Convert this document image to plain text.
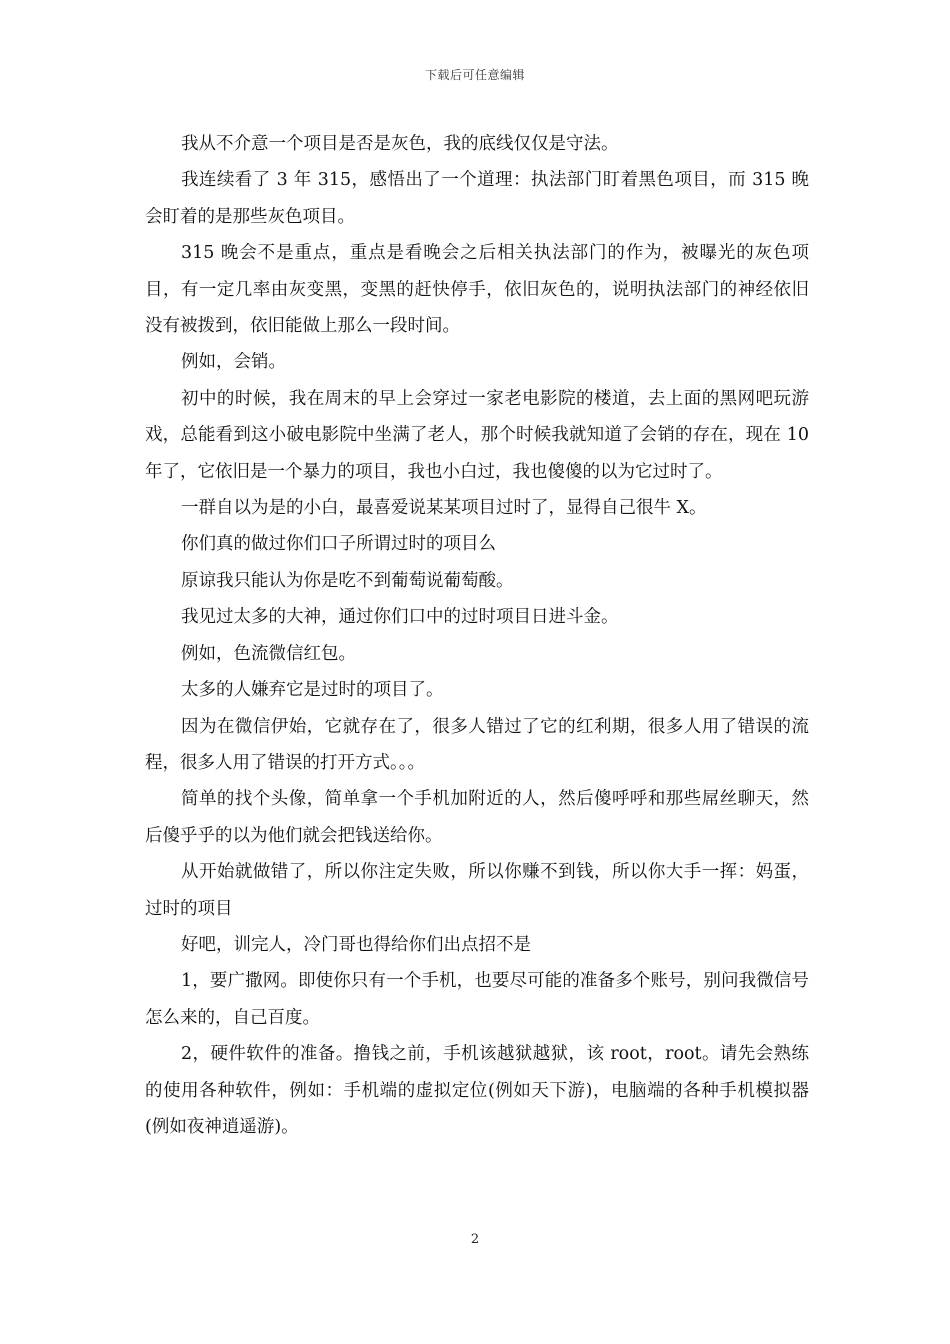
下载后可任意编辑

我从不介意一个项目是否是灰色，我的底线仅仅是守法。

我连续看了 3 年 315，感悟出了一个道理：执法部门盯着黑色项目，而 315 晚会盯着的是那些灰色项目。

315 晚会不是重点，重点是看晚会之后相关执法部门的作为，被曝光的灰色项目，有一定几率由灰变黑，变黑的赶快停手，依旧灰色的，说明执法部门的神经依旧没有被拨到，依旧能做上那么一段时间。

例如，会销。

初中的时候，我在周末的早上会穿过一家老电影院的楼道，去上面的黑网吧玩游戏，总能看到这小破电影院中坐满了老人，那个时候我就知道了会销的存在，现在 10 年了，它依旧是一个暴力的项目，我也小白过，我也傻傻的以为它过时了。

一群自以为是的小白，最喜爱说某某项目过时了，显得自己很牛 X。

你们真的做过你们口子所谓过时的项目么

原谅我只能认为你是吃不到葡萄说葡萄酸。

我见过太多的大神，通过你们口中的过时项目日进斗金。

例如，色流微信红包。

太多的人嫌弃它是过时的项目了。

因为在微信伊始，它就存在了，很多人错过了它的红利期，很多人用了错误的流程，很多人用了错误的打开方式。。。

简单的找个头像，简单拿一个手机加附近的人，然后傻呼呼和那些屌丝聊天，然后傻乎乎的以为他们就会把钱送给你。

从开始就做错了，所以你注定失败，所以你赚不到钱，所以你大手一挥：妈蛋，过时的项目

好吧，训完人，冷门哥也得给你们出点招不是

1，要广撒网。即使你只有一个手机，也要尽可能的准备多个账号，别问我微信号怎么来的，自己百度。

2，硬件软件的准备。撸钱之前，手机该越狱越狱，该 root，root。请先会熟练的使用各种软件，例如：手机端的虚拟定位(例如天下游)，电脑端的各种手机模拟器(例如夜神逍遥游)。

2
